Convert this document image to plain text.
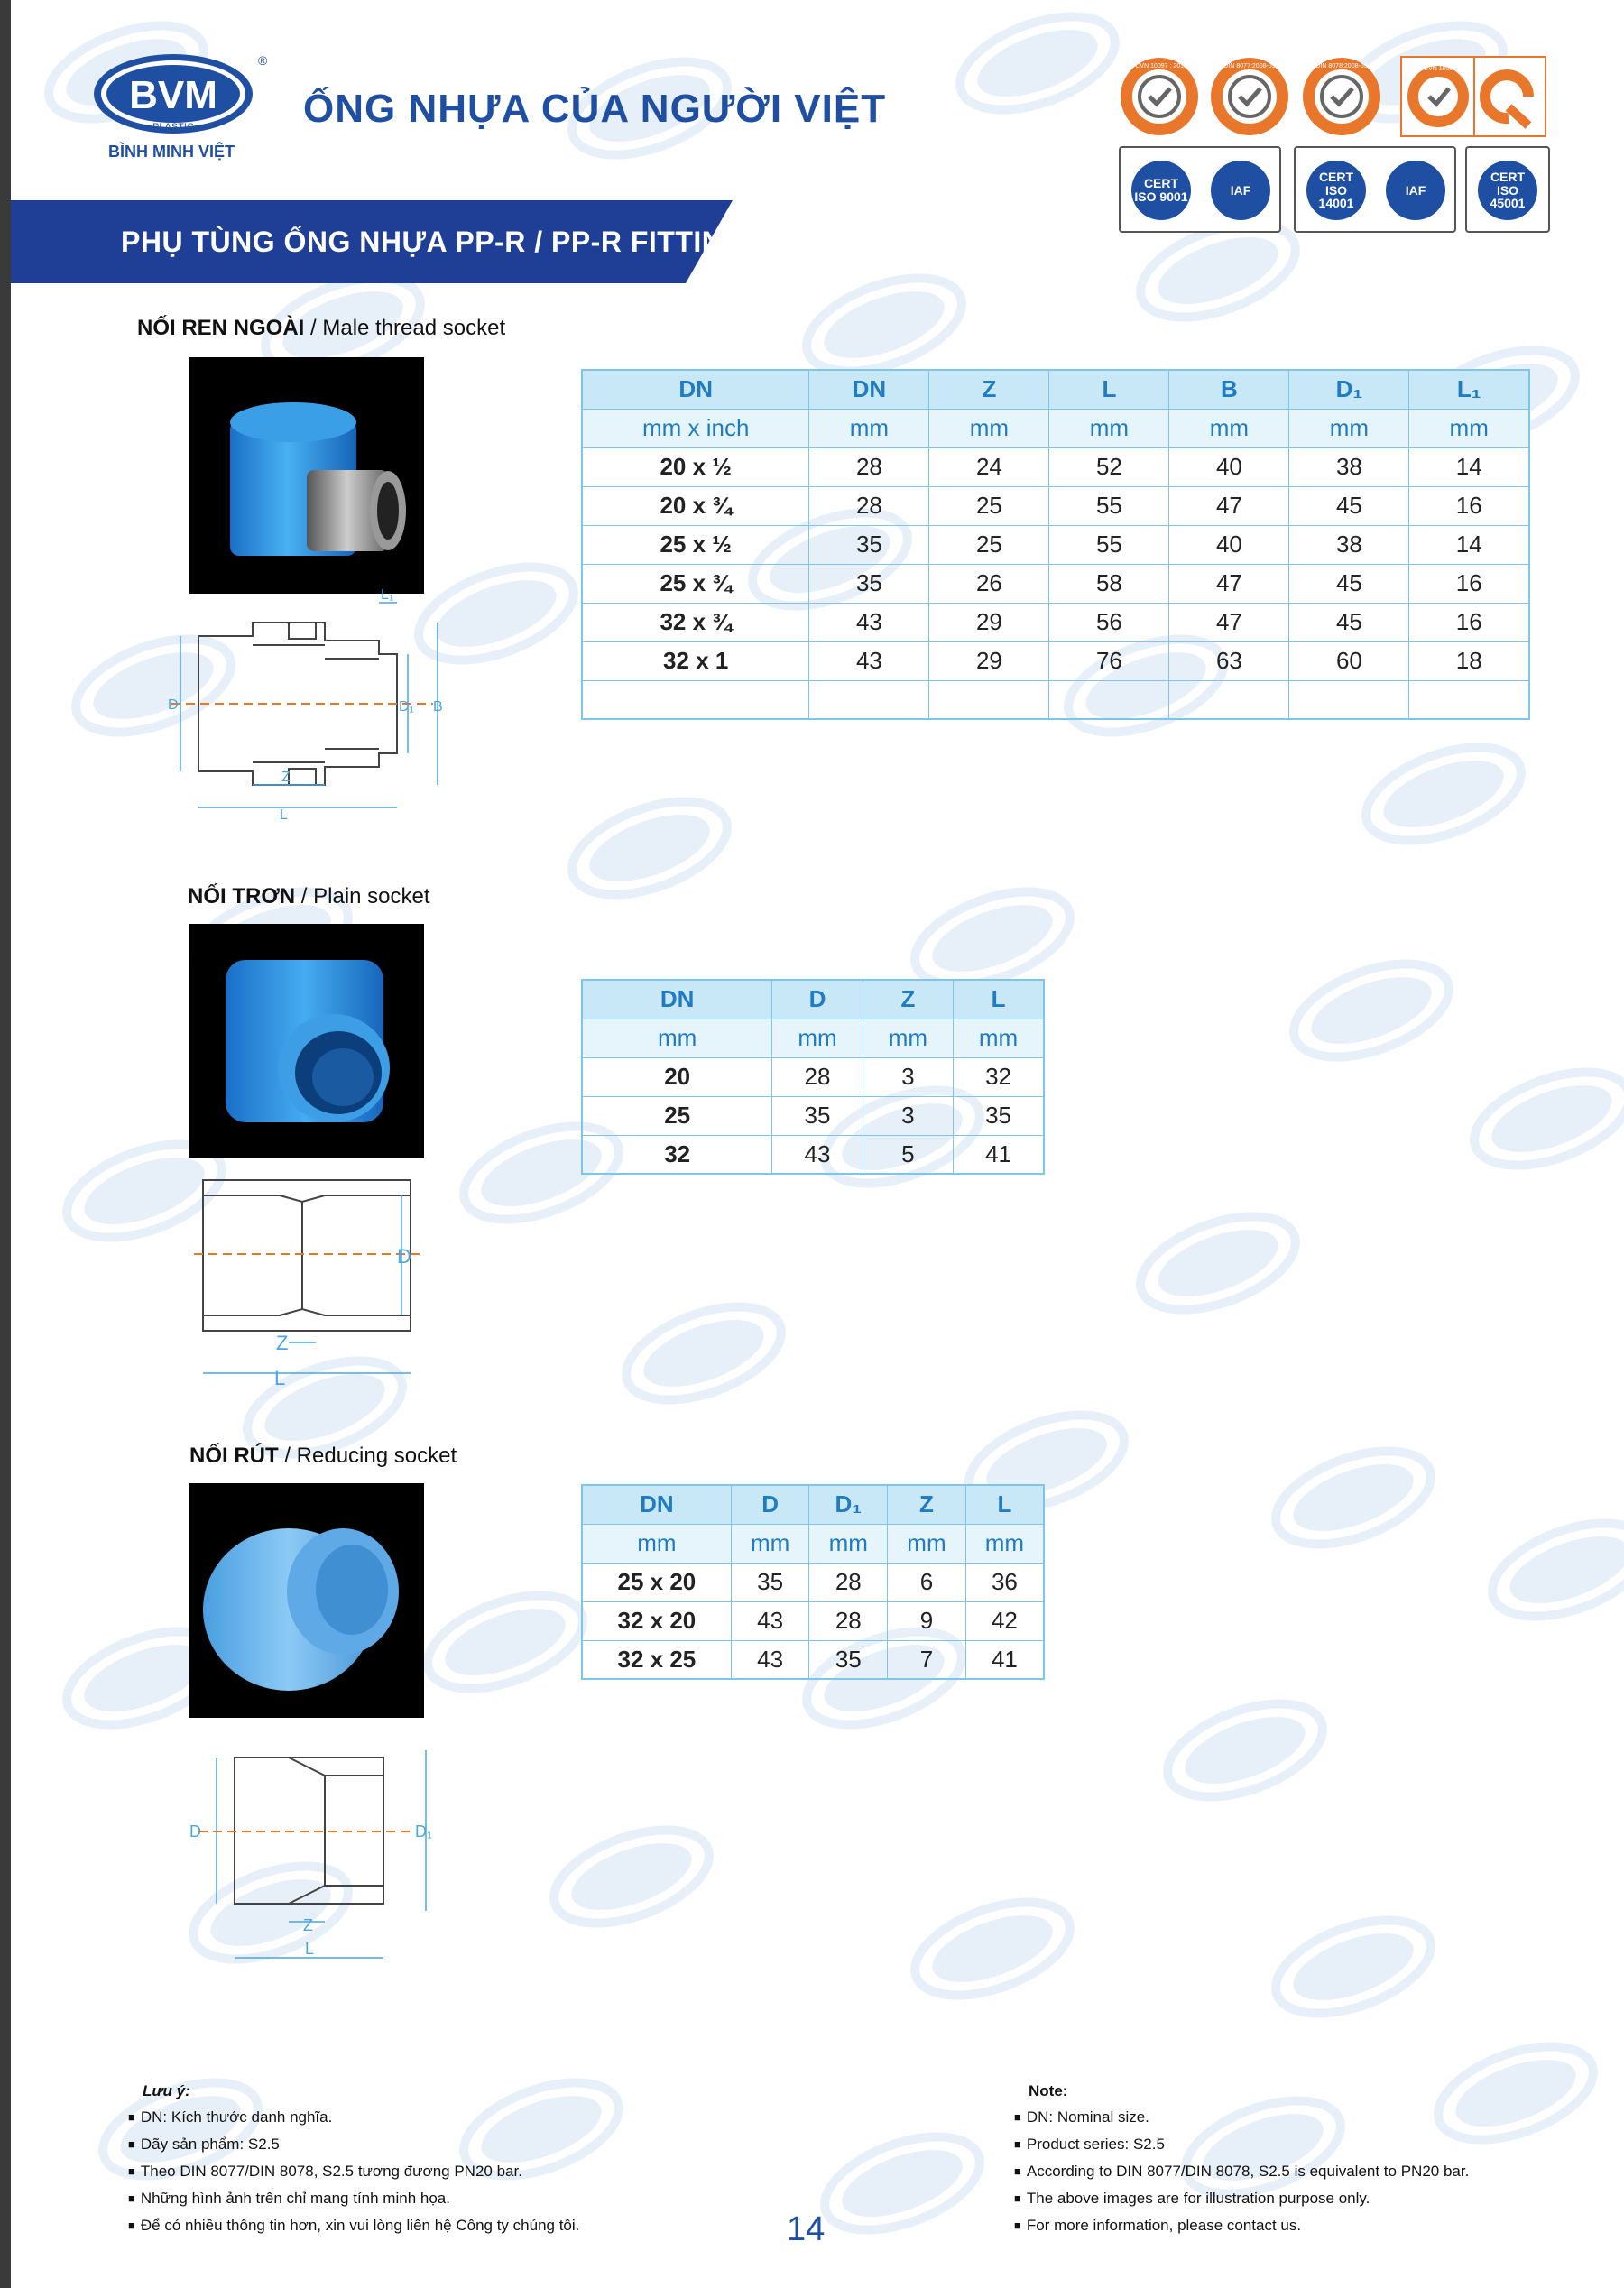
BVM
PLASTIC
®
BÌNH MINH VIỆT
ỐNG NHỰA CỦA NGƯỜI VIỆT
TCVN 10097 : 2013	DIN 8077:2008-09	DIN 8078:2008-09	TCVN 10097
CERT ISO 9001	IAF
CERT ISO 14001
IAF
CERT ISO 45001
PHỤ TÙNG ỐNG NHỰA PP-R / PP-R FITTINGS
NỐI REN NGOÀI / Male thread socket
D	D₁ B
Z
L
L₁
DN	DN	Z	L	B	D₁	L₁
mm x inch	mm	mm	mm	mm	mm	mm
20 x ½	28	24	52	40	38	14
20 x ¾	28	25	55	47	45	16
25 x ½	35	25	55	40	38	14
25 x ¾	35	26	58	47	45	16
32 x ¾	43	29	56	47	45	16
32 x 1	43	29	76	63	60	18

NỐI TRƠN / Plain socket
D
Z
L
DN	D	Z	L
mm	mm	mm	mm
20	28	3	32
25	35	3	35
32	43	5	41
NỐI RÚT / Reducing socket
D	D₁
Z
L
DN	D	D₁	Z	L
mm	mm	mm	mm	mm
25 x 20	35	28	6	36
32 x 20	43	28	9	42
32 x 25	43	35	7	41
Lưu ý:
■ DN: Kích thước danh nghĩa.
■ Dãy sản phẩm: S2.5
■ Theo DIN 8077/DIN 8078, S2.5 tương đương PN20 bar.
■ Những hình ảnh trên chỉ mang tính minh họa.
■ Để có nhiều thông tin hơn, xin vui lòng liên hệ Công ty chúng tôi.
Note:
■ DN: Nominal size.
■ Product series: S2.5
■ According to DIN 8077/DIN 8078, S2.5 is equivalent to PN20 bar.
■ The above images are for illustration purpose only.
■ For more information, please contact us.
14
